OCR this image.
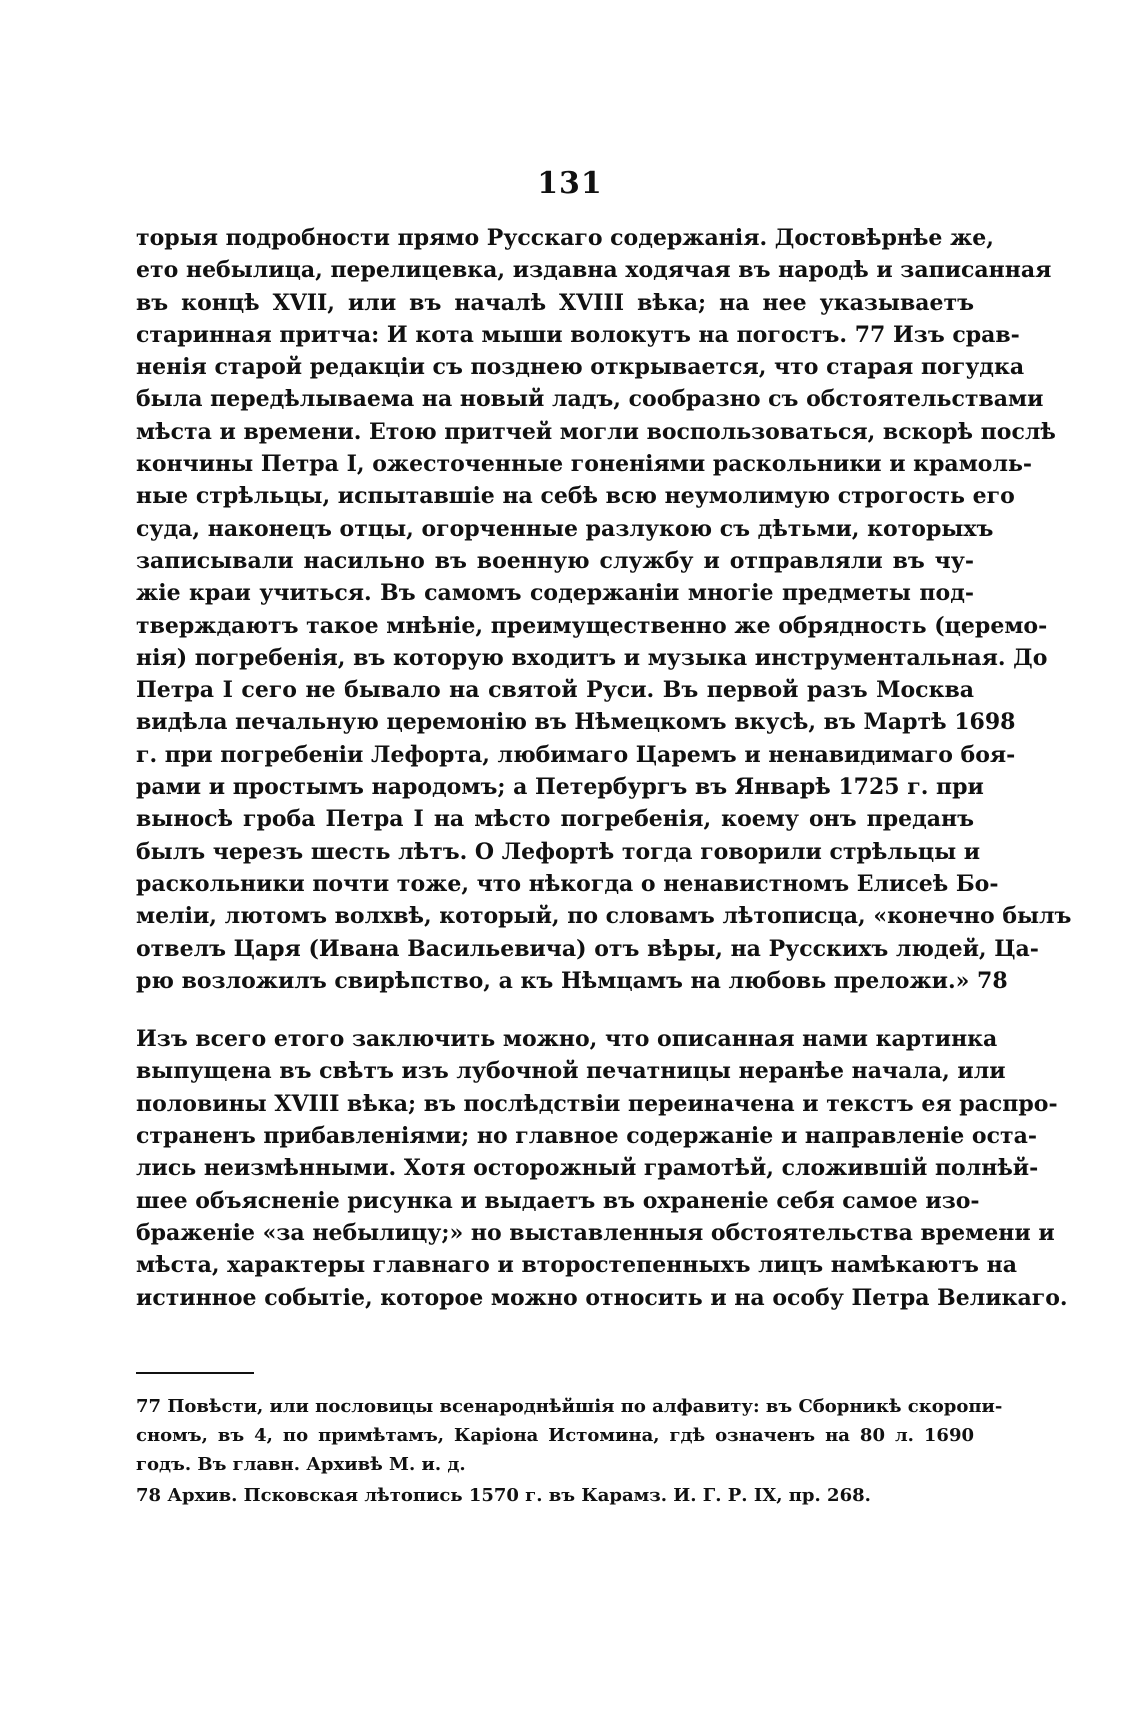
131
торыя подробности прямо Русскаго содержанія. Достовѣрнѣе же,
ето небылица, перелицевка, издавна ходячая въ народѣ и записанная
въ концѣ XVII, или въ началѣ XVIII вѣка; на нее указываетъ
старинная притча: И кота мыши волокутъ на погостъ. 77 Изъ срав-
ненія старой редакціи съ позднею открывается, что старая погудка
была передѣлываема на новый ладъ, сообразно съ обстоятельствами
мѣста и времени. Етою притчей могли воспользоваться, вскорѣ послѣ
кончины Петра I, ожесточенные гоненіями раскольники и крамоль-
ные стрѣльцы, испытавшіе на себѣ всю неумолимую строгость его
суда, наконецъ отцы, огорченные разлукою съ дѣтьми, которыхъ
записывали насильно въ военную службу и отправляли въ чу-
жіе краи учиться. Въ самомъ содержаніи многіе предметы под-
тверждаютъ такое мнѣніе, преимущественно же обрядность (церемо-
нія) погребенія, въ которую входитъ и музыка инструментальная. До
Петра I сего не бывало на святой Руси. Въ первой разъ Москва
видѣла печальную церемонію въ Нѣмецкомъ вкусѣ, въ Мартѣ 1698
г. при погребеніи Лефорта, любимаго Царемъ и ненавидимаго боя-
рами и простымъ народомъ; а Петербургъ въ Январѣ 1725 г. при
выносѣ гроба Петра I на мѣсто погребенія, коему онъ преданъ
былъ черезъ шесть лѣтъ. О Лефортѣ тогда говорили стрѣльцы и
раскольники почти тоже, что нѣкогда о ненавистномъ Елисеѣ Бо-
меліи, лютомъ волхвѣ, который, по словамъ лѣтописца, «конечно былъ
отвелъ Царя (Ивана Васильевича) отъ вѣры, на Русскихъ людей, Ца-
рю возложилъ свирѣпство, а къ Нѣмцамъ на любовь преложи.» 78
Изъ всего етого заключить можно, что описанная нами картинка
выпущена въ свѣтъ изъ лубочной печатницы неранѣе начала, или
половины XVIII вѣка; въ послѣдствіи переиначена и текстъ ея распро-
страненъ прибавленіями; но главное содержаніе и направленіе оста-
лись неизмѣнными. Хотя осторожный грамотѣй, сложившій полнѣй-
шее объясненіе рисунка и выдаетъ въ охраненіе себя самое изо-
браженіе «за небылицу;» но выставленныя обстоятельства времени и
мѣста, характеры главнаго и второстепенныхъ лицъ намѣкаютъ на
истинное событіе, которое можно относить и на особу Петра Великаго.
77 Повѣсти, или пословицы всенароднѣйшія по алфавиту: въ Сборникѣ скоропи-
сномъ, въ 4, по примѣтамъ, Каріона Истомина, гдѣ означенъ на 80 л. 1690
годъ. Въ главн. Архивѣ М. и. д.
78 Архив. Псковская лѣтопись 1570 г. въ Карамз. И. Г. Р. IX, пр. 268.
